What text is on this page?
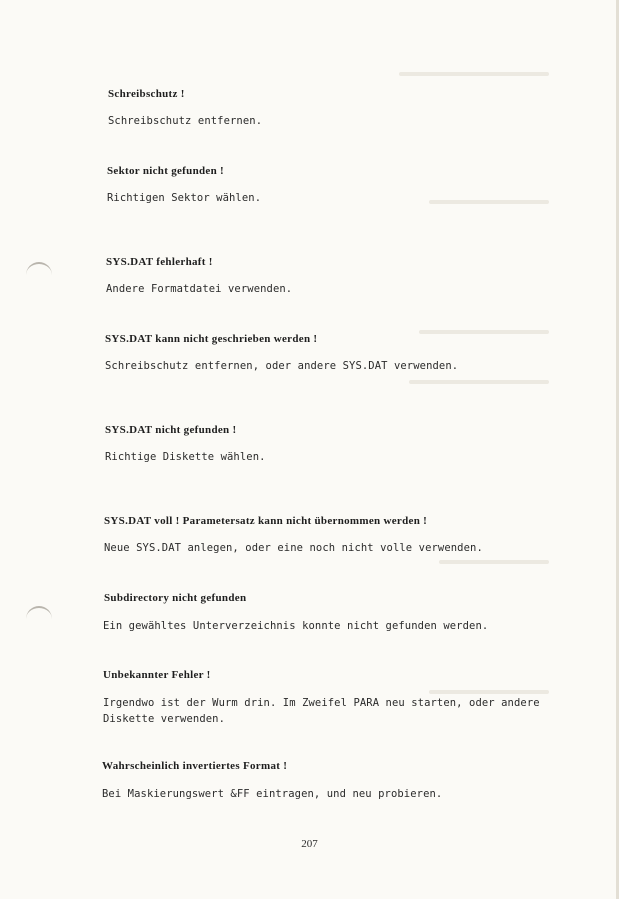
Schreibschutz !
Schreibschutz entfernen.
Sektor nicht gefunden !
Richtigen Sektor wählen.
SYS.DAT fehlerhaft !
Andere Formatdatei verwenden.
SYS.DAT kann nicht geschrieben werden !
Schreibschutz entfernen, oder andere SYS.DAT verwenden.
SYS.DAT nicht gefunden !
Richtige Diskette wählen.
SYS.DAT voll ! Parametersatz kann nicht übernommen werden !
Neue SYS.DAT anlegen, oder eine noch nicht volle verwenden.
Subdirectory nicht gefunden
Ein gewähltes Unterverzeichnis konnte nicht gefunden werden.
Unbekannter Fehler !
Irgendwo ist der Wurm drin. Im Zweifel PARA neu starten, oder andere Diskette verwenden.
Wahrscheinlich invertiertes Format !
Bei Maskierungswert &FF eintragen, und neu probieren.
207
